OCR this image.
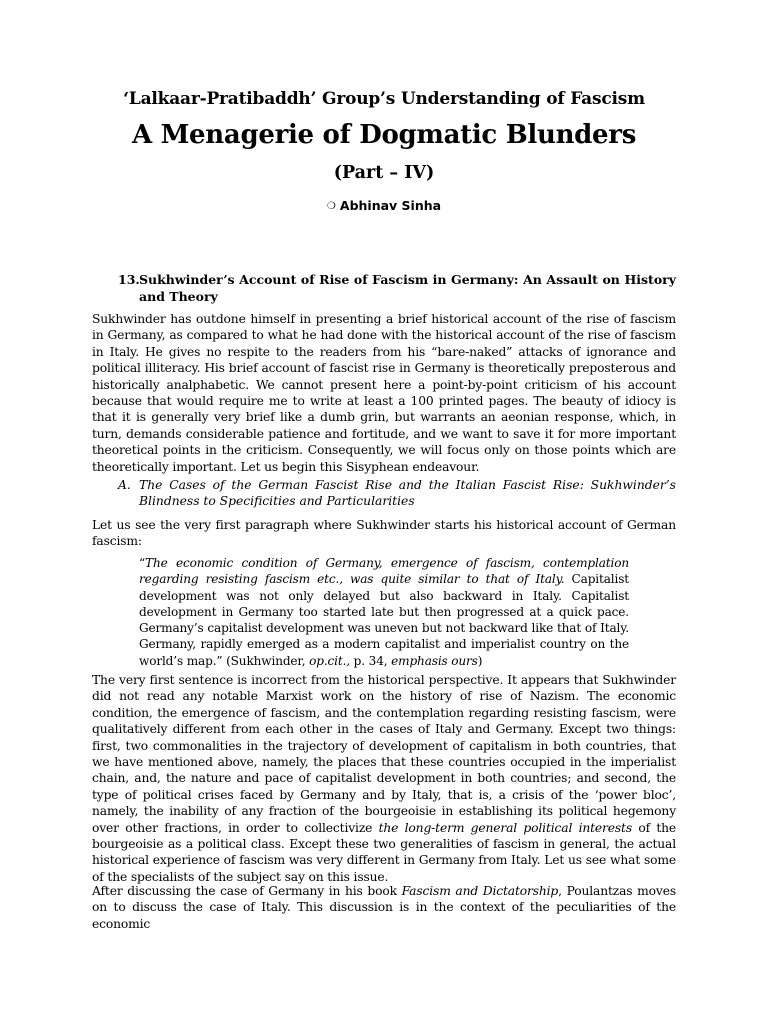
‘Lalkaar-Pratibaddh’ Group’s Understanding of Fascism
A Menagerie of Dogmatic Blunders
(Part – IV)
❍ Abhinav Sinha
13. Sukhwinder’s Account of Rise of Fascism in Germany: An Assault on History and Theory
Sukhwinder has outdone himself in presenting a brief historical account of the rise of fascism in Germany, as compared to what he had done with the historical account of the rise of fascism in Italy. He gives no respite to the readers from his “bare-naked” attacks of ignorance and political illiteracy. His brief account of fascist rise in Germany is theoretically preposterous and historically analphabetic. We cannot present here a point-by-point criticism of his account because that would require me to write at least a 100 printed pages. The beauty of idiocy is that it is generally very brief like a dumb grin, but warrants an aeonian response, which, in turn, demands considerable patience and fortitude, and we want to save it for more important theoretical points in the criticism. Consequently, we will focus only on those points which are theoretically important. Let us begin this Sisyphean endeavour.
A. The Cases of the German Fascist Rise and the Italian Fascist Rise: Sukhwinder’s Blindness to Specificities and Particularities
Let us see the very first paragraph where Sukhwinder starts his historical account of German fascism:
“The economic condition of Germany, emergence of fascism, contemplation regarding resisting fascism etc., was quite similar to that of Italy. Capitalist development was not only delayed but also backward in Italy. Capitalist development in Germany too started late but then progressed at a quick pace. Germany’s capitalist development was uneven but not backward like that of Italy. Germany, rapidly emerged as a modern capitalist and imperialist country on the world’s map.” (Sukhwinder, op.cit., p. 34, emphasis ours)
The very first sentence is incorrect from the historical perspective. It appears that Sukhwinder did not read any notable Marxist work on the history of rise of Nazism. The economic condition, the emergence of fascism, and the contemplation regarding resisting fascism, were qualitatively different from each other in the cases of Italy and Germany. Except two things: first, two commonalities in the trajectory of development of capitalism in both countries, that we have mentioned above, namely, the places that these countries occupied in the imperialist chain, and, the nature and pace of capitalist development in both countries; and second, the type of political crises faced by Germany and by Italy, that is, a crisis of the ‘power bloc’, namely, the inability of any fraction of the bourgeoisie in establishing its political hegemony over other fractions, in order to collectivize the long-term general political interests of the bourgeoisie as a political class. Except these two generalities of fascism in general, the actual historical experience of fascism was very different in Germany from Italy. Let us see what some of the specialists of the subject say on this issue.
After discussing the case of Germany in his book Fascism and Dictatorship, Poulantzas moves on to discuss the case of Italy. This discussion is in the context of the peculiarities of the economic
